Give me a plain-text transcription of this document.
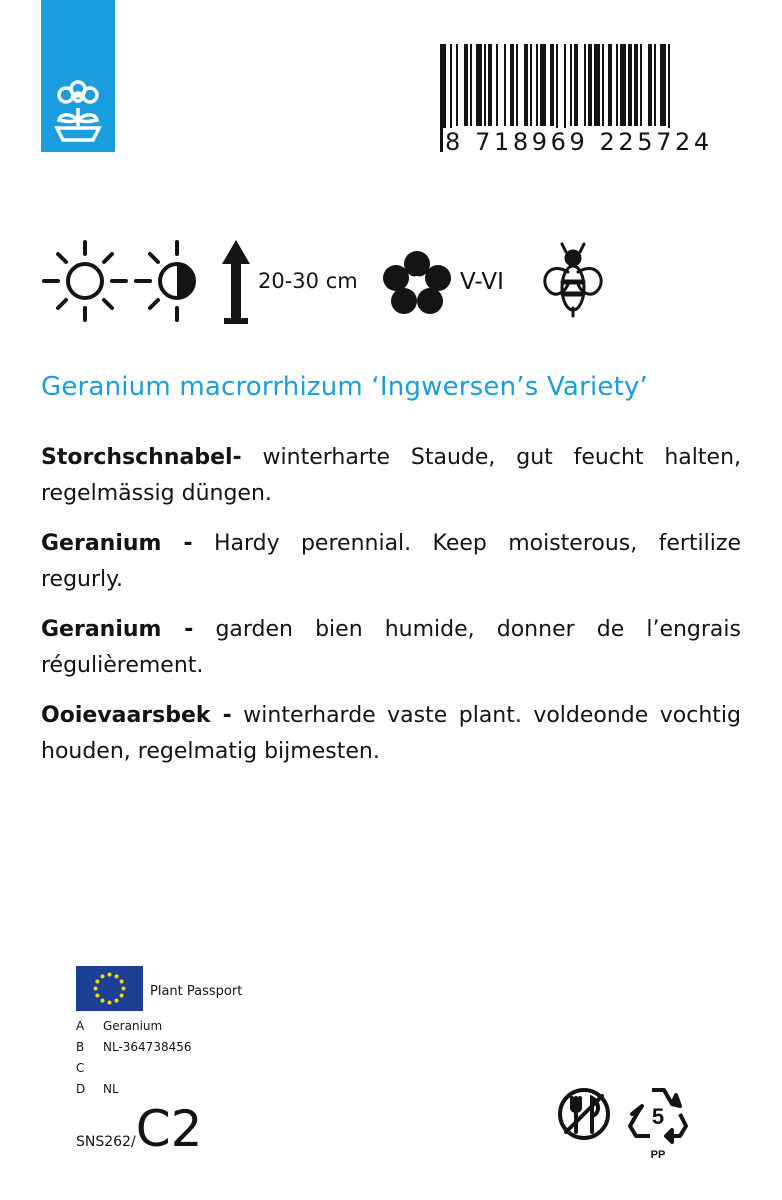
8 718969 225724
20-30 cm	V-VI
Geranium macrorrhizum ‘Ingwersen’s Variety’

Storchschnabel- winterharte Staude, gut feucht halten, regelmässig düngen.

Geranium - Hardy perennial. Keep moisterous, fertilize regurly.

Geranium - garden bien humide, donner de l’engrais régulièrement.

Ooievaarsbek - winterharde vaste plant. voldeonde vochtig houden, regelmatig bijmesten.

Plant Passport
A Geranium
B NL-364738456
C
D NL
SNS262/C2	5
PP
